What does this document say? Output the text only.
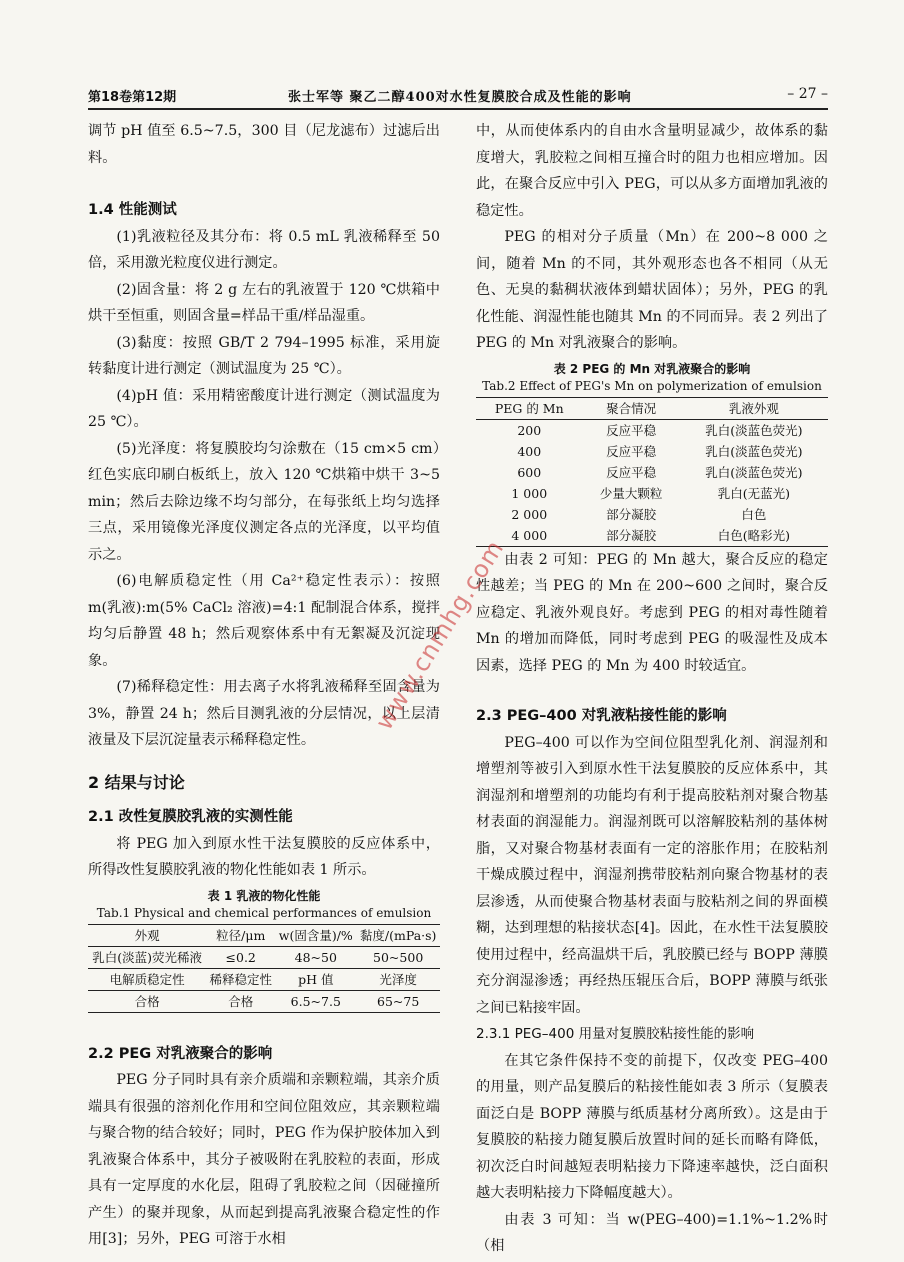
第18卷第12期	张士军等 聚乙二醇400对水性复膜胶合成及性能的影响	– 27 –

调节 pH 值至 6.5~7.5，300 目（尼龙滤布）过滤后出料。

1.4 性能测试

(1)乳液粒径及其分布：将 0.5 mL 乳液稀释至 50 倍，采用激光粒度仪进行测定。

(2)固含量：将 2 g 左右的乳液置于 120 ℃烘箱中烘干至恒重，则固含量=样品干重/样品湿重。

(3)黏度：按照 GB/T 2 794–1995 标准，采用旋转黏度计进行测定（测试温度为 25 ℃）。

(4)pH 值：采用精密酸度计进行测定（测试温度为 25 ℃）。

(5)光泽度：将复膜胶均匀涂敷在（15 cm×5 cm）红色实底印刷白板纸上，放入 120 ℃烘箱中烘干 3~5 min；然后去除边缘不均匀部分，在每张纸上均匀选择三点，采用镜像光泽度仪测定各点的光泽度，以平均值示之。

(6)电解质稳定性（用 Ca²⁺稳定性表示）：按照 m(乳液):m(5% CaCl₂ 溶液)=4:1 配制混合体系，搅拌均匀后静置 48 h；然后观察体系中有无絮凝及沉淀现象。

(7)稀释稳定性：用去离子水将乳液稀释至固含量为 3%，静置 24 h；然后目测乳液的分层情况，以上层清液量及下层沉淀量表示稀释稳定性。

2 结果与讨论
2.1 改性复膜胶乳液的实测性能

将 PEG 加入到原水性干法复膜胶的反应体系中，所得改性复膜胶乳液的物化性能如表 1 所示。

表 1 乳液的物化性能
Tab.1 Physical and chemical performances of emulsion
外观	粒径/μm	w(固含量)/%	黏度/(mPa·s)
乳白(淡蓝)荧光稀液	≤0.2	48~50	50~500
电解质稳定性	稀释稳定性	pH 值	光泽度
合格	合格	6.5~7.5	65~75
2.2 PEG 对乳液聚合的影响

PEG 分子同时具有亲介质端和亲颗粒端，其亲介质端具有很强的溶剂化作用和空间位阻效应，其亲颗粒端与聚合物的结合较好；同时，PEG 作为保护胶体加入到乳液聚合体系中，其分子被吸附在乳胶粒的表面，形成具有一定厚度的水化层，阻碍了乳胶粒之间（因碰撞所产生）的聚并现象，从而起到提高乳液聚合稳定性的作用[3]；另外，PEG 可溶于水相

中，从而使体系内的自由水含量明显减少，故体系的黏度增大，乳胶粒之间相互撞合时的阻力也相应增加。因此，在聚合反应中引入 PEG，可以从多方面增加乳液的稳定性。

PEG 的相对分子质量（Mn）在 200~8 000 之间，随着 Mn 的不同，其外观形态也各不相同（从无色、无臭的黏稠状液体到蜡状固体）；另外，PEG 的乳化性能、润湿性能也随其 Mn 的不同而异。表 2 列出了 PEG 的 Mn 对乳液聚合的影响。

表 2 PEG 的 Mn 对乳液聚合的影响
Tab.2 Effect of PEG's Mn on polymerization of emulsion
PEG 的 Mn	聚合情况	乳液外观
200	反应平稳	乳白(淡蓝色荧光)
400	反应平稳	乳白(淡蓝色荧光)
600	反应平稳	乳白(淡蓝色荧光)
1 000	少量大颗粒	乳白(无蓝光)
2 000	部分凝胶	白色
4 000	部分凝胶	白色(略彩光)

由表 2 可知：PEG 的 Mn 越大，聚合反应的稳定性越差；当 PEG 的 Mn 在 200~600 之间时，聚合反应稳定、乳液外观良好。考虑到 PEG 的相对毒性随着 Mn 的增加而降低，同时考虑到 PEG 的吸湿性及成本因素，选择 PEG 的 Mn 为 400 时较适宜。

2.3 PEG–400 对乳液粘接性能的影响

PEG–400 可以作为空间位阻型乳化剂、润湿剂和增塑剂等被引入到原水性干法复膜胶的反应体系中，其润湿剂和增塑剂的功能均有利于提高胶粘剂对聚合物基材表面的润湿能力。润湿剂既可以溶解胶粘剂的基体树脂，又对聚合物基材表面有一定的溶胀作用；在胶粘剂干燥成膜过程中，润湿剂携带胶粘剂向聚合物基材的表层渗透，从而使聚合物基材表面与胶粘剂之间的界面模糊，达到理想的粘接状态[4]。因此，在水性干法复膜胶使用过程中，经高温烘干后，乳胶膜已经与 BOPP 薄膜充分润湿渗透；再经热压辊压合后，BOPP 薄膜与纸张之间已粘接牢固。

2.3.1 PEG–400 用量对复膜胶粘接性能的影响

在其它条件保持不变的前提下，仅改变 PEG–400 的用量，则产品复膜后的粘接性能如表 3 所示（复膜表面泛白是 BOPP 薄膜与纸质基材分离所致）。这是由于复膜胶的粘接力随复膜后放置时间的延长而略有降低，初次泛白时间越短表明粘接力下降速率越快，泛白面积越大表明粘接力下降幅度越大）。

由表 3 可知：当 w(PEG–400)=1.1%~1.2%时（相

www.cnmhg.com
